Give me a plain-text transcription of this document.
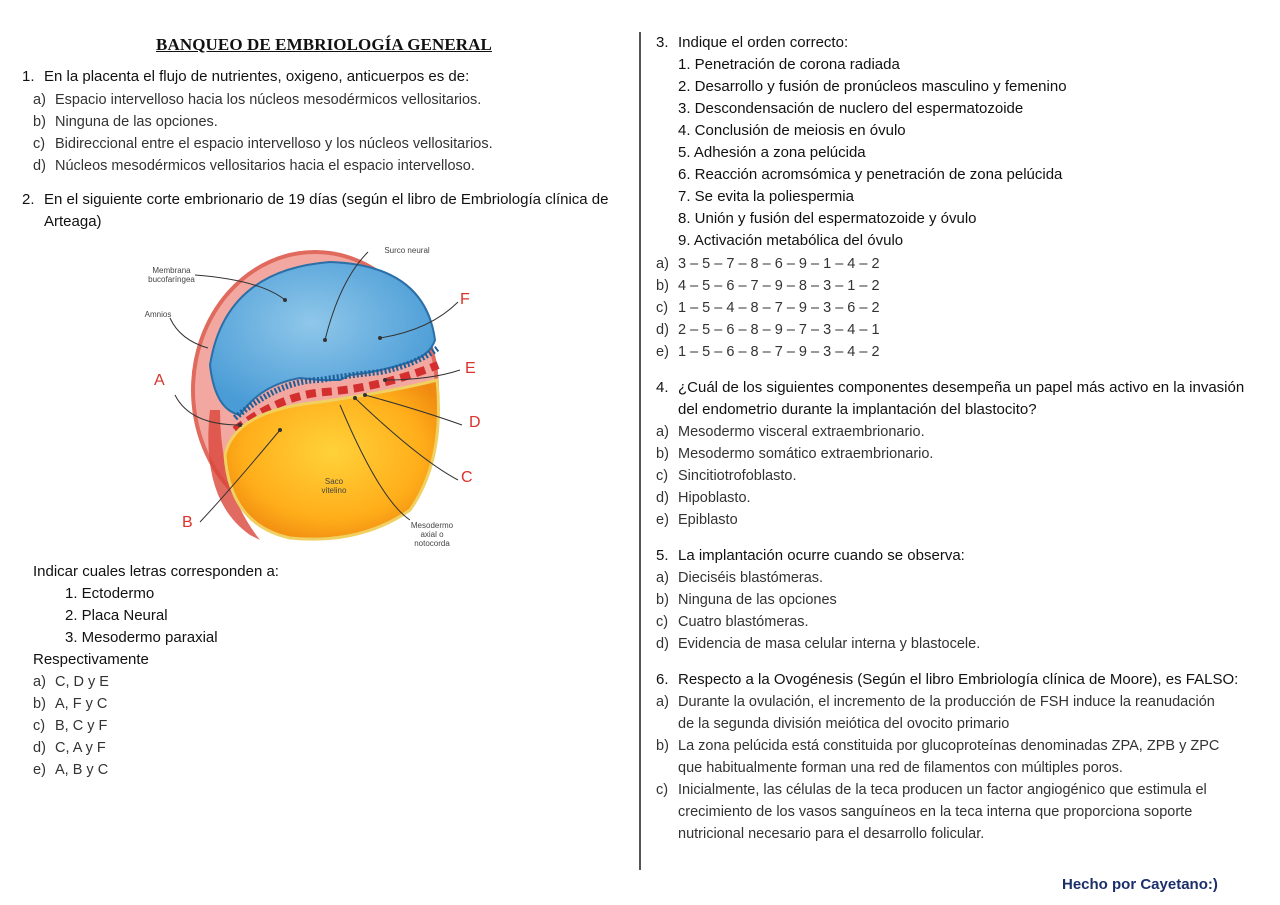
BANQUEO DE EMBRIOLOGÍA GENERAL
1. En la placenta el flujo de nutrientes, oxigeno, anticuerpos es de:
a) Espacio intervelloso hacia los núcleos mesodérmicos vellositarios.
b) Ninguna de las opciones.
c) Bidireccional entre el espacio intervelloso y los núcleos vellositarios.
d) Núcleos mesodérmicos vellositarios hacia el espacio intervelloso.
2. En el siguiente corte embrionario de 19 días (según el libro de Embriología clínica de
Arteaga)
A
B
C
D
E
F
Surco neural
Membrana bucofaríngea
Amnios
Saco vitelino
Mesodermo axial o notocorda
Indicar cuales letras corresponden a:
1. Ectodermo
2. Placa Neural
3. Mesodermo paraxial
Respectivamente
a) C, D y E
b) A, F y C
c) B, C y F
d) C, A y F
e) A, B y C
3. Indique el orden correcto:
1. Penetración de corona radiada
2. Desarrollo y fusión de pronúcleos masculino y femenino
3. Descondensación de nuclero del espermatozoide
4. Conclusión de meiosis en óvulo
5. Adhesión a zona pelúcida
6. Reacción acromsómica y penetración de zona pelúcida
7. Se evita la poliespermia
8. Unión y fusión del espermatozoide y óvulo
9. Activación metabólica del óvulo
a) 3 – 5 – 7 – 8 – 6 – 9 – 1 – 4 – 2
b) 4 – 5 – 6 – 7 – 9 – 8 – 3 – 1 – 2
c) 1 – 5 – 4 – 8 – 7 – 9 – 3 – 6 – 2
d) 2 – 5 – 6 – 8 – 9 – 7 – 3 – 4 – 1
e) 1 – 5 – 6 – 8 – 7 – 9 – 3 – 4 – 2
4. ¿Cuál de los siguientes componentes desempeña un papel más activo en la invasión
del endometrio durante la implantación del blastocito?
a) Mesodermo visceral extraembrionario.
b) Mesodermo somático extraembrionario.
c) Sincitiotrofoblasto.
d) Hipoblasto.
e) Epiblasto
5. La implantación ocurre cuando se observa:
a) Dieciséis blastómeras.
b) Ninguna de las opciones
c) Cuatro blastómeras.
d) Evidencia de masa celular interna y blastocele.
6. Respecto a la Ovogénesis (Según el libro Embriología clínica de Moore), es FALSO:
a) Durante la ovulación, el incremento de la producción de FSH induce la reanudación
de la segunda división meiótica del ovocito primario
b) La zona pelúcida está constituida por glucoproteínas denominadas ZPA, ZPB y ZPC
que habitualmente forman una red de filamentos con múltiples poros.
c) Inicialmente, las células de la teca producen un factor angiogénico que estimula el
crecimiento de los vasos sanguíneos en la teca interna que proporciona soporte
nutricional necesario para el desarrollo folicular.
Hecho por Cayetano:)
